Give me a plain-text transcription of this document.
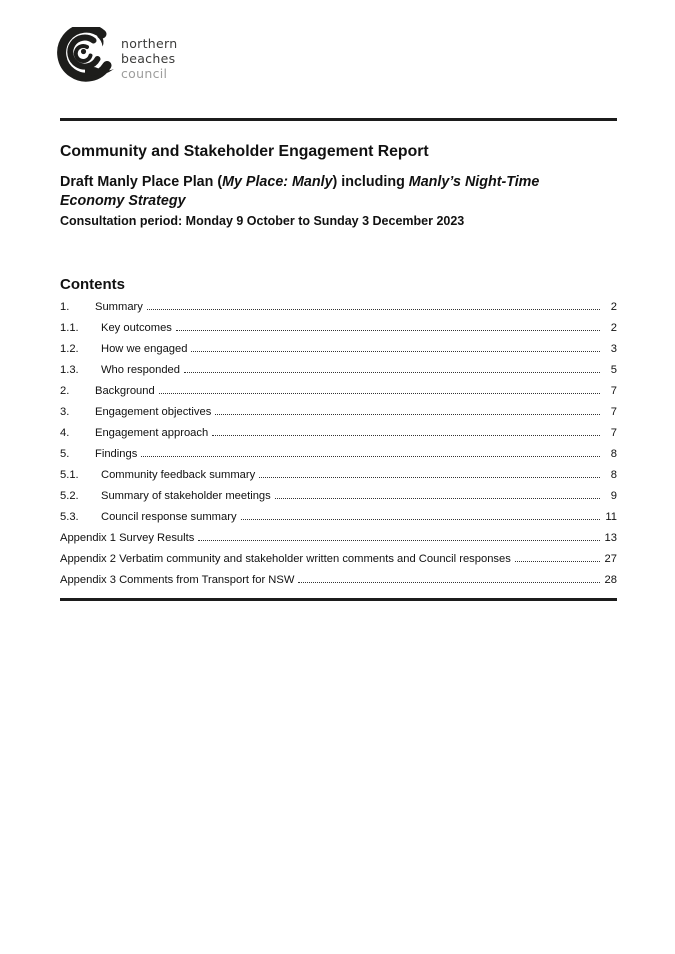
northern
beaches
council
Community and Stakeholder Engagement Report
Draft Manly Place Plan (My Place: Manly) including Manly’s Night-Time
Economy Strategy
Consultation period: Monday 9 October to Sunday 3 December 2023
Contents
1.	Summary	2
1.1.	Key outcomes	2
1.2.	How we engaged	3
1.3.	Who responded	5
2.	Background	7
3.	Engagement objectives	7
4.	Engagement approach	7
5.	Findings	8
5.1.	Community feedback summary	8
5.2.	Summary of stakeholder meetings	9
5.3.	Council response summary	11
Appendix 1 Survey Results	13
Appendix 2 Verbatim community and stakeholder written comments and Council responses	27
Appendix 3 Comments from Transport for NSW	28
